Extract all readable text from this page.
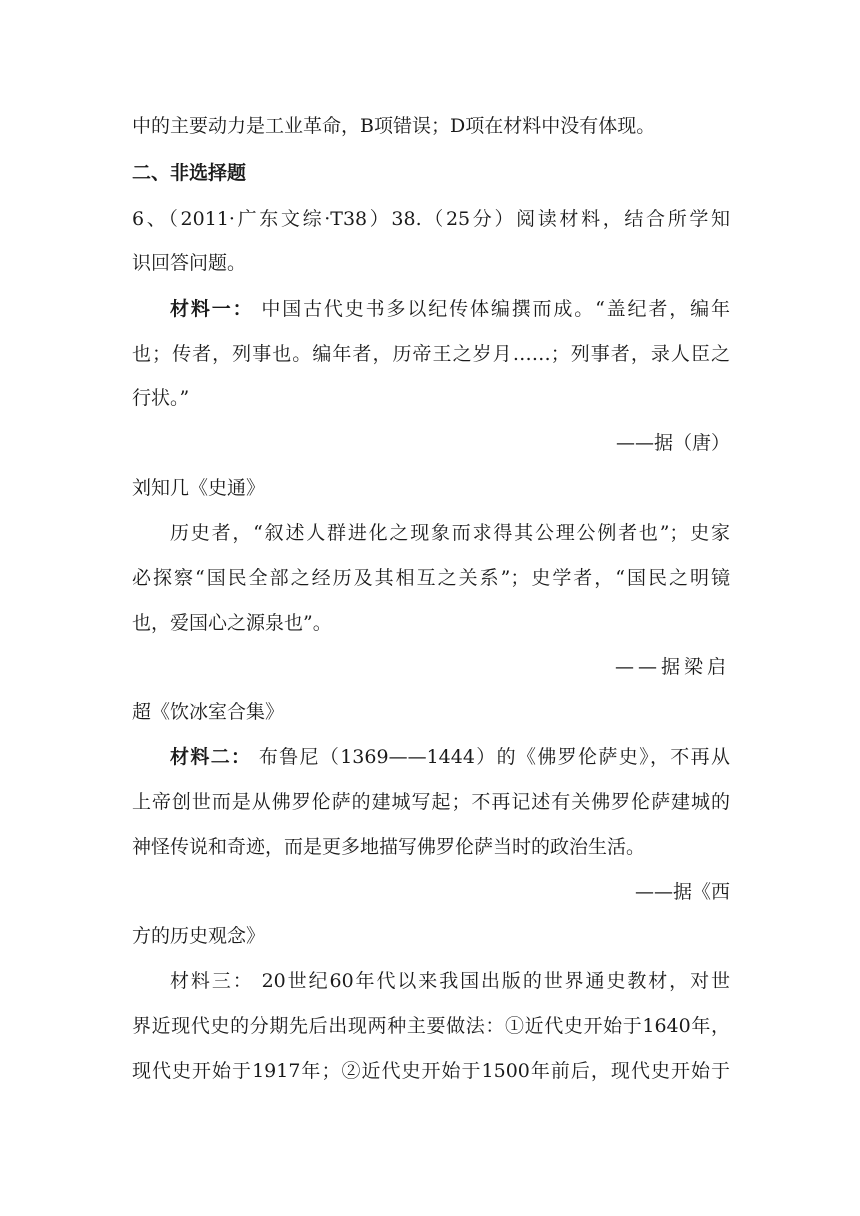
中的主要动力是工业革命，B项错误；D项在材料中没有体现。
二、非选择题
6、（2011·广东文综·T38）38.（25分）阅读材料，结合所学知
识回答问题。
材料一： 中国古代史书多以纪传体编撰而成。“盖纪者，编年
也；传者，列事也。编年者，历帝王之岁月……；列事者，录人臣之
行状。”
——据（唐）
刘知几《史通》
历史者，“叙述人群进化之现象而求得其公理公例者也”；史家
必探察“国民全部之经历及其相互之关系”；史学者，“国民之明镜
也，爱国心之源泉也”。
——据梁启
超《饮冰室合集》
材料二： 布鲁尼（1369——1444）的《佛罗伦萨史》，不再从
上帝创世而是从佛罗伦萨的建城写起；不再记述有关佛罗伦萨建城的
神怪传说和奇迹，而是更多地描写佛罗伦萨当时的政治生活。
——据《西
方的历史观念》
材料三： 20世纪60年代以来我国出版的世界通史教材，对世
界近现代史的分期先后出现两种主要做法：①近代史开始于1640年，
现代史开始于1917年；②近代史开始于1500年前后，现代史开始于
